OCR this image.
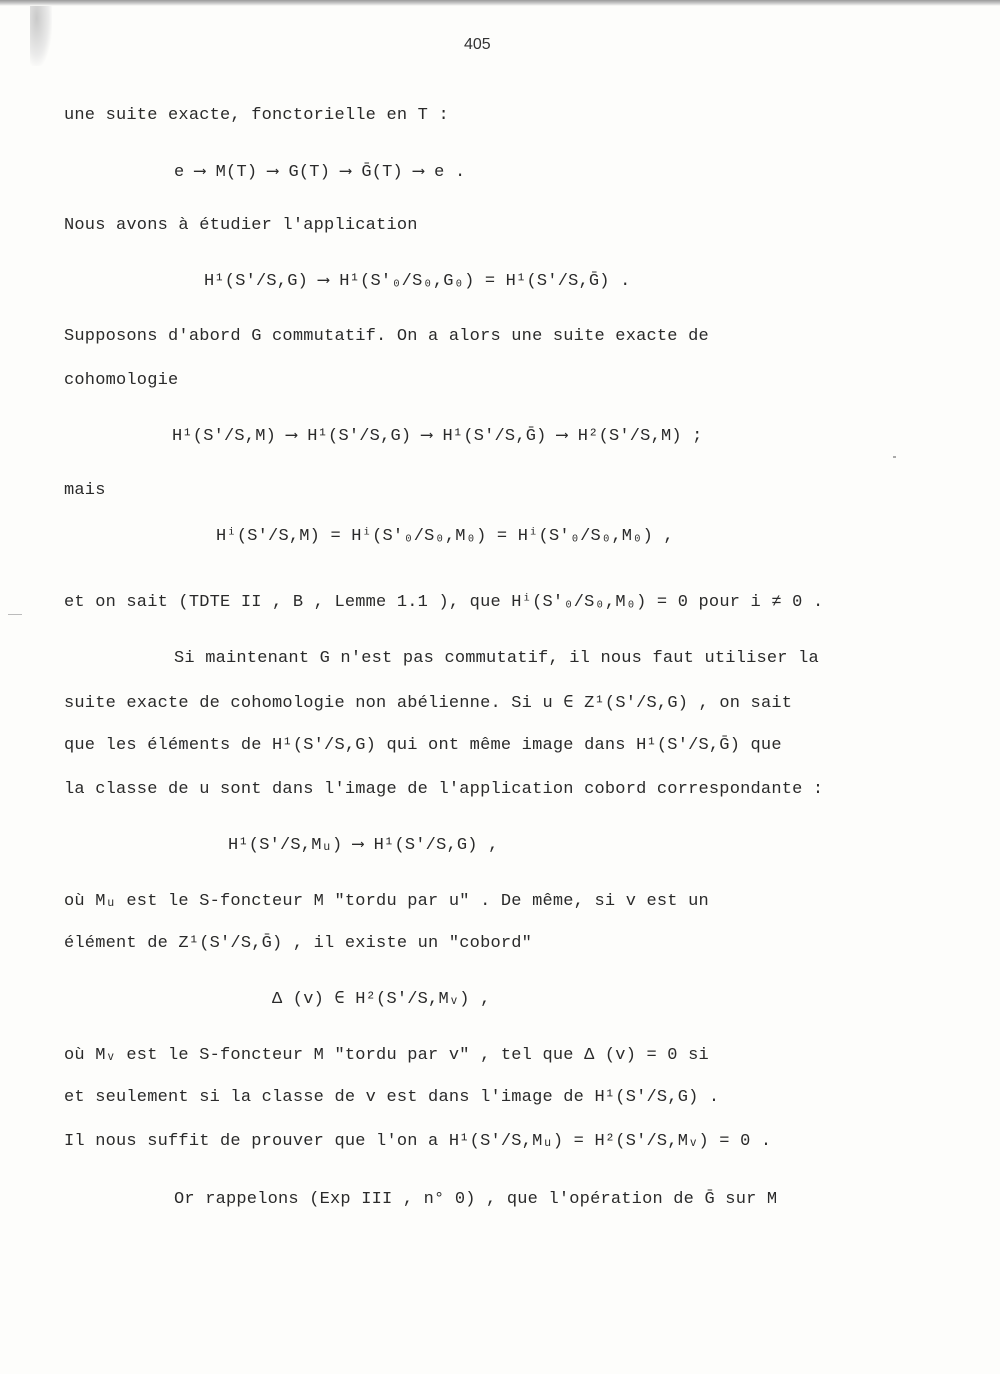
405
une suite exacte, fonctorielle en T :
e ⟶ M(T) ⟶ G(T) ⟶ Ḡ(T) ⟶ e .
Nous avons à étudier l'application
H¹(S'/S,G) ⟶ H¹(S'₀/S₀,G₀) = H¹(S'/S,Ḡ) .
Supposons d'abord G commutatif. On a alors une suite exacte de
cohomologie
H¹(S'/S,M) ⟶ H¹(S'/S,G) ⟶ H¹(S'/S,Ḡ) ⟶ H²(S'/S,M) ;
mais
Hⁱ(S'/S,M) = Hⁱ(S'₀/S₀,M₀) = Hⁱ(S'₀/S₀,M₀) ,
et on sait (TDTE II , B , Lemme 1.1 ), que Hⁱ(S'₀/S₀,M₀) = 0 pour i ≠ 0 .
Si maintenant G n'est pas commutatif, il nous faut utiliser la
suite exacte de cohomologie non abélienne. Si u ∈ Z¹(S'/S,G) , on sait
que les éléments de H¹(S'/S,G) qui ont même image dans H¹(S'/S,Ḡ) que
la classe de u sont dans l'image de l'application cobord correspondante :
H¹(S'/S,Mᵤ) ⟶ H¹(S'/S,G) ,
où Mᵤ est le S-foncteur M "tordu par u" . De même, si v est un
élément de Z¹(S'/S,Ḡ) , il existe un "cobord"
Δ (v) ∈ H²(S'/S,Mᵥ) ,
où Mᵥ est le S-foncteur M "tordu par v" , tel que Δ (v) = 0 si
et seulement si la classe de v est dans l'image de H¹(S'/S,G) .
Il nous suffit de prouver que l'on a H¹(S'/S,Mᵤ) = H²(S'/S,Mᵥ) = 0 .
Or rappelons (Exp III , n° 0) , que l'opération de Ḡ sur M
